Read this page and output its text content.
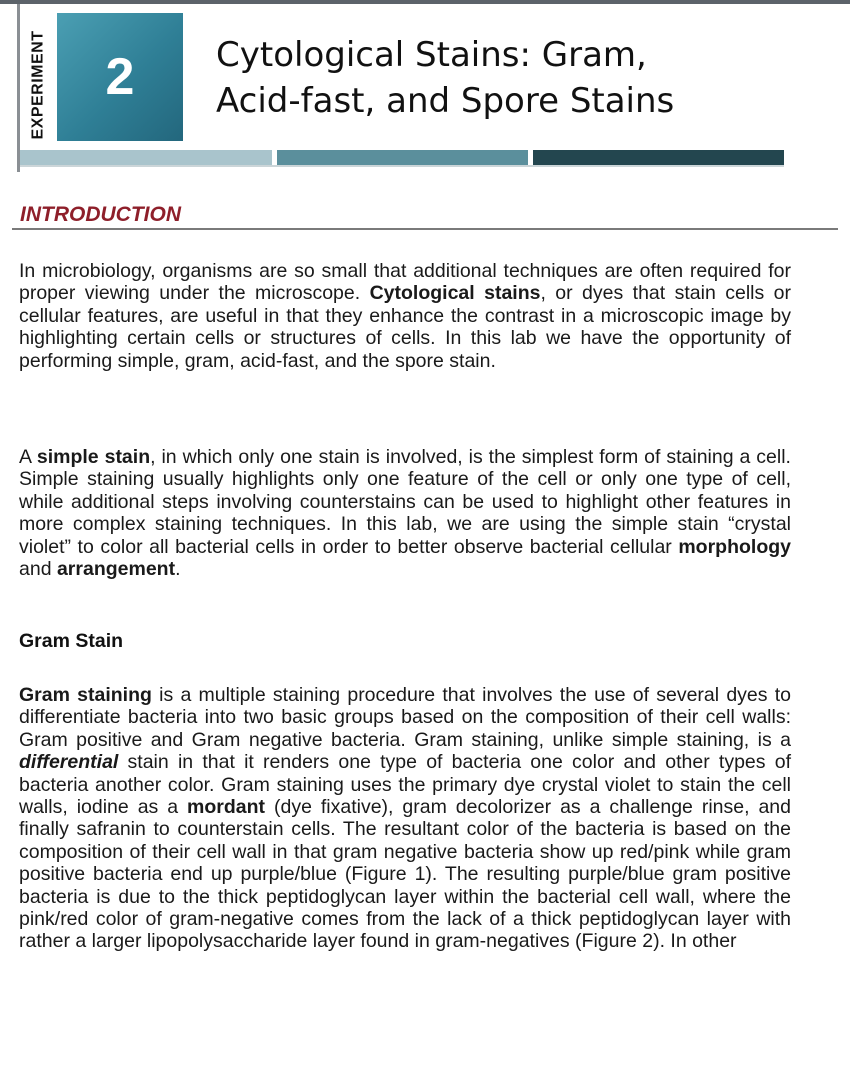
EXPERIMENT 2 Cytological Stains: Gram,
Acid-fast, and Spore Stains
INTRODUCTION

In microbiology, organisms are so small that additional techniques are often required for proper viewing under the microscope. Cytological stains, or dyes that stain cells or cellular features, are useful in that they enhance the contrast in a microscopic image by highlighting certain cells or structures of cells. In this lab we have the opportunity of performing simple, gram, acid-fast, and the spore stain.

A simple stain, in which only one stain is involved, is the simplest form of staining a cell. Simple staining usually highlights only one feature of the cell or only one type of cell, while additional steps involving counterstains can be used to highlight other features in more complex staining techniques. In this lab, we are using the simple stain “crystal violet” to color all bacterial cells in order to better observe bacterial cellular morphology and arrangement.

Gram Stain

Gram staining is a multiple staining procedure that involves the use of several dyes to differentiate bacteria into two basic groups based on the composition of their cell walls: Gram positive and Gram negative bacteria. Gram staining, unlike simple staining, is a differential stain in that it renders one type of bacteria one color and other types of bacteria another color. Gram staining uses the primary dye crystal violet to stain the cell walls, iodine as a mordant (dye fixative), gram decolorizer as a challenge rinse, and finally safranin to counterstain cells. The resultant color of the bacteria is based on the composition of their cell wall in that gram negative bacteria show up red/pink while gram positive bacteria end up purple/blue (Figure 1). The resulting purple/blue gram positive bacteria is due to the thick peptidoglycan layer within the bacterial cell wall, where the pink/red color of gram-negative comes from the lack of a thick peptidoglycan layer with rather a larger lipopolysaccharide layer found in gram-negatives (Figure 2). In other
